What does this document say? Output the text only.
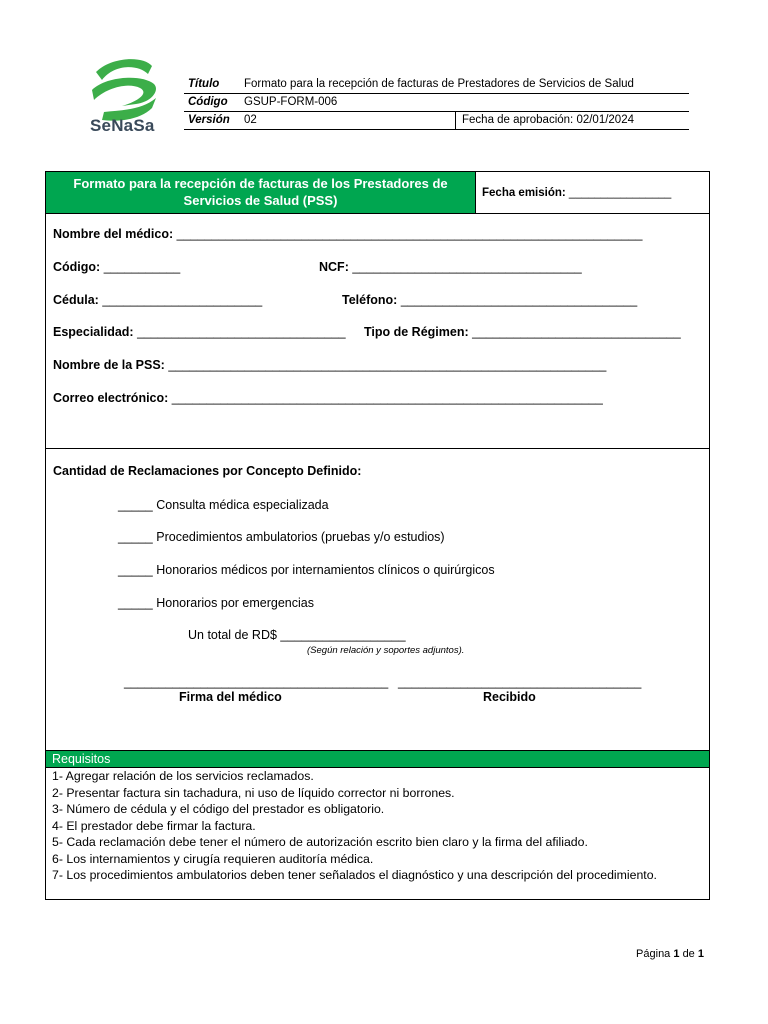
SeNaSa
Título Formato para la recepción de facturas de Prestadores de Servicios de Salud
Código GSUP-FORM-006
Versión 02	Fecha de aprobación: 02/01/2024
Formato para la recepción de facturas de los Prestadores de Servicios de Salud (PSS)	Fecha emisión: ________________
Nombre del médico: ___________________________________________________________________
Código: ___________	NCF: _________________________________
Cédula: _______________________	Teléfono: __________________________________
Especialidad: ______________________________ Tipo de Régimen: ______________________________
Nombre de la PSS: _______________________________________________________________
Correo electrónico: ______________________________________________________________
Cantidad de Reclamaciones por Concepto Definido:
_____ Consulta médica especializada
_____ Procedimientos ambulatorios (pruebas y/o estudios)
_____ Honorarios médicos por internamientos clínicos o quirúrgicos
_____ Honorarios por emergencias
Un total de RD$ __________________
(Según relación y soportes adjuntos).
______________________________________
Firma del médico
___________________________________
Recibido
Requisitos
1- Agregar relación de los servicios reclamados.
2- Presentar factura sin tachadura, ni uso de líquido corrector ni borrones.
3- Número de cédula y el código del prestador es obligatorio.
4- El prestador debe firmar la factura.
5- Cada reclamación debe tener el número de autorización escrito bien claro y la firma del afiliado.
6- Los internamientos y cirugía requieren auditoría médica.
7- Los procedimientos ambulatorios deben tener señalados el diagnóstico y una descripción del procedimiento.
Página 1 de 1
